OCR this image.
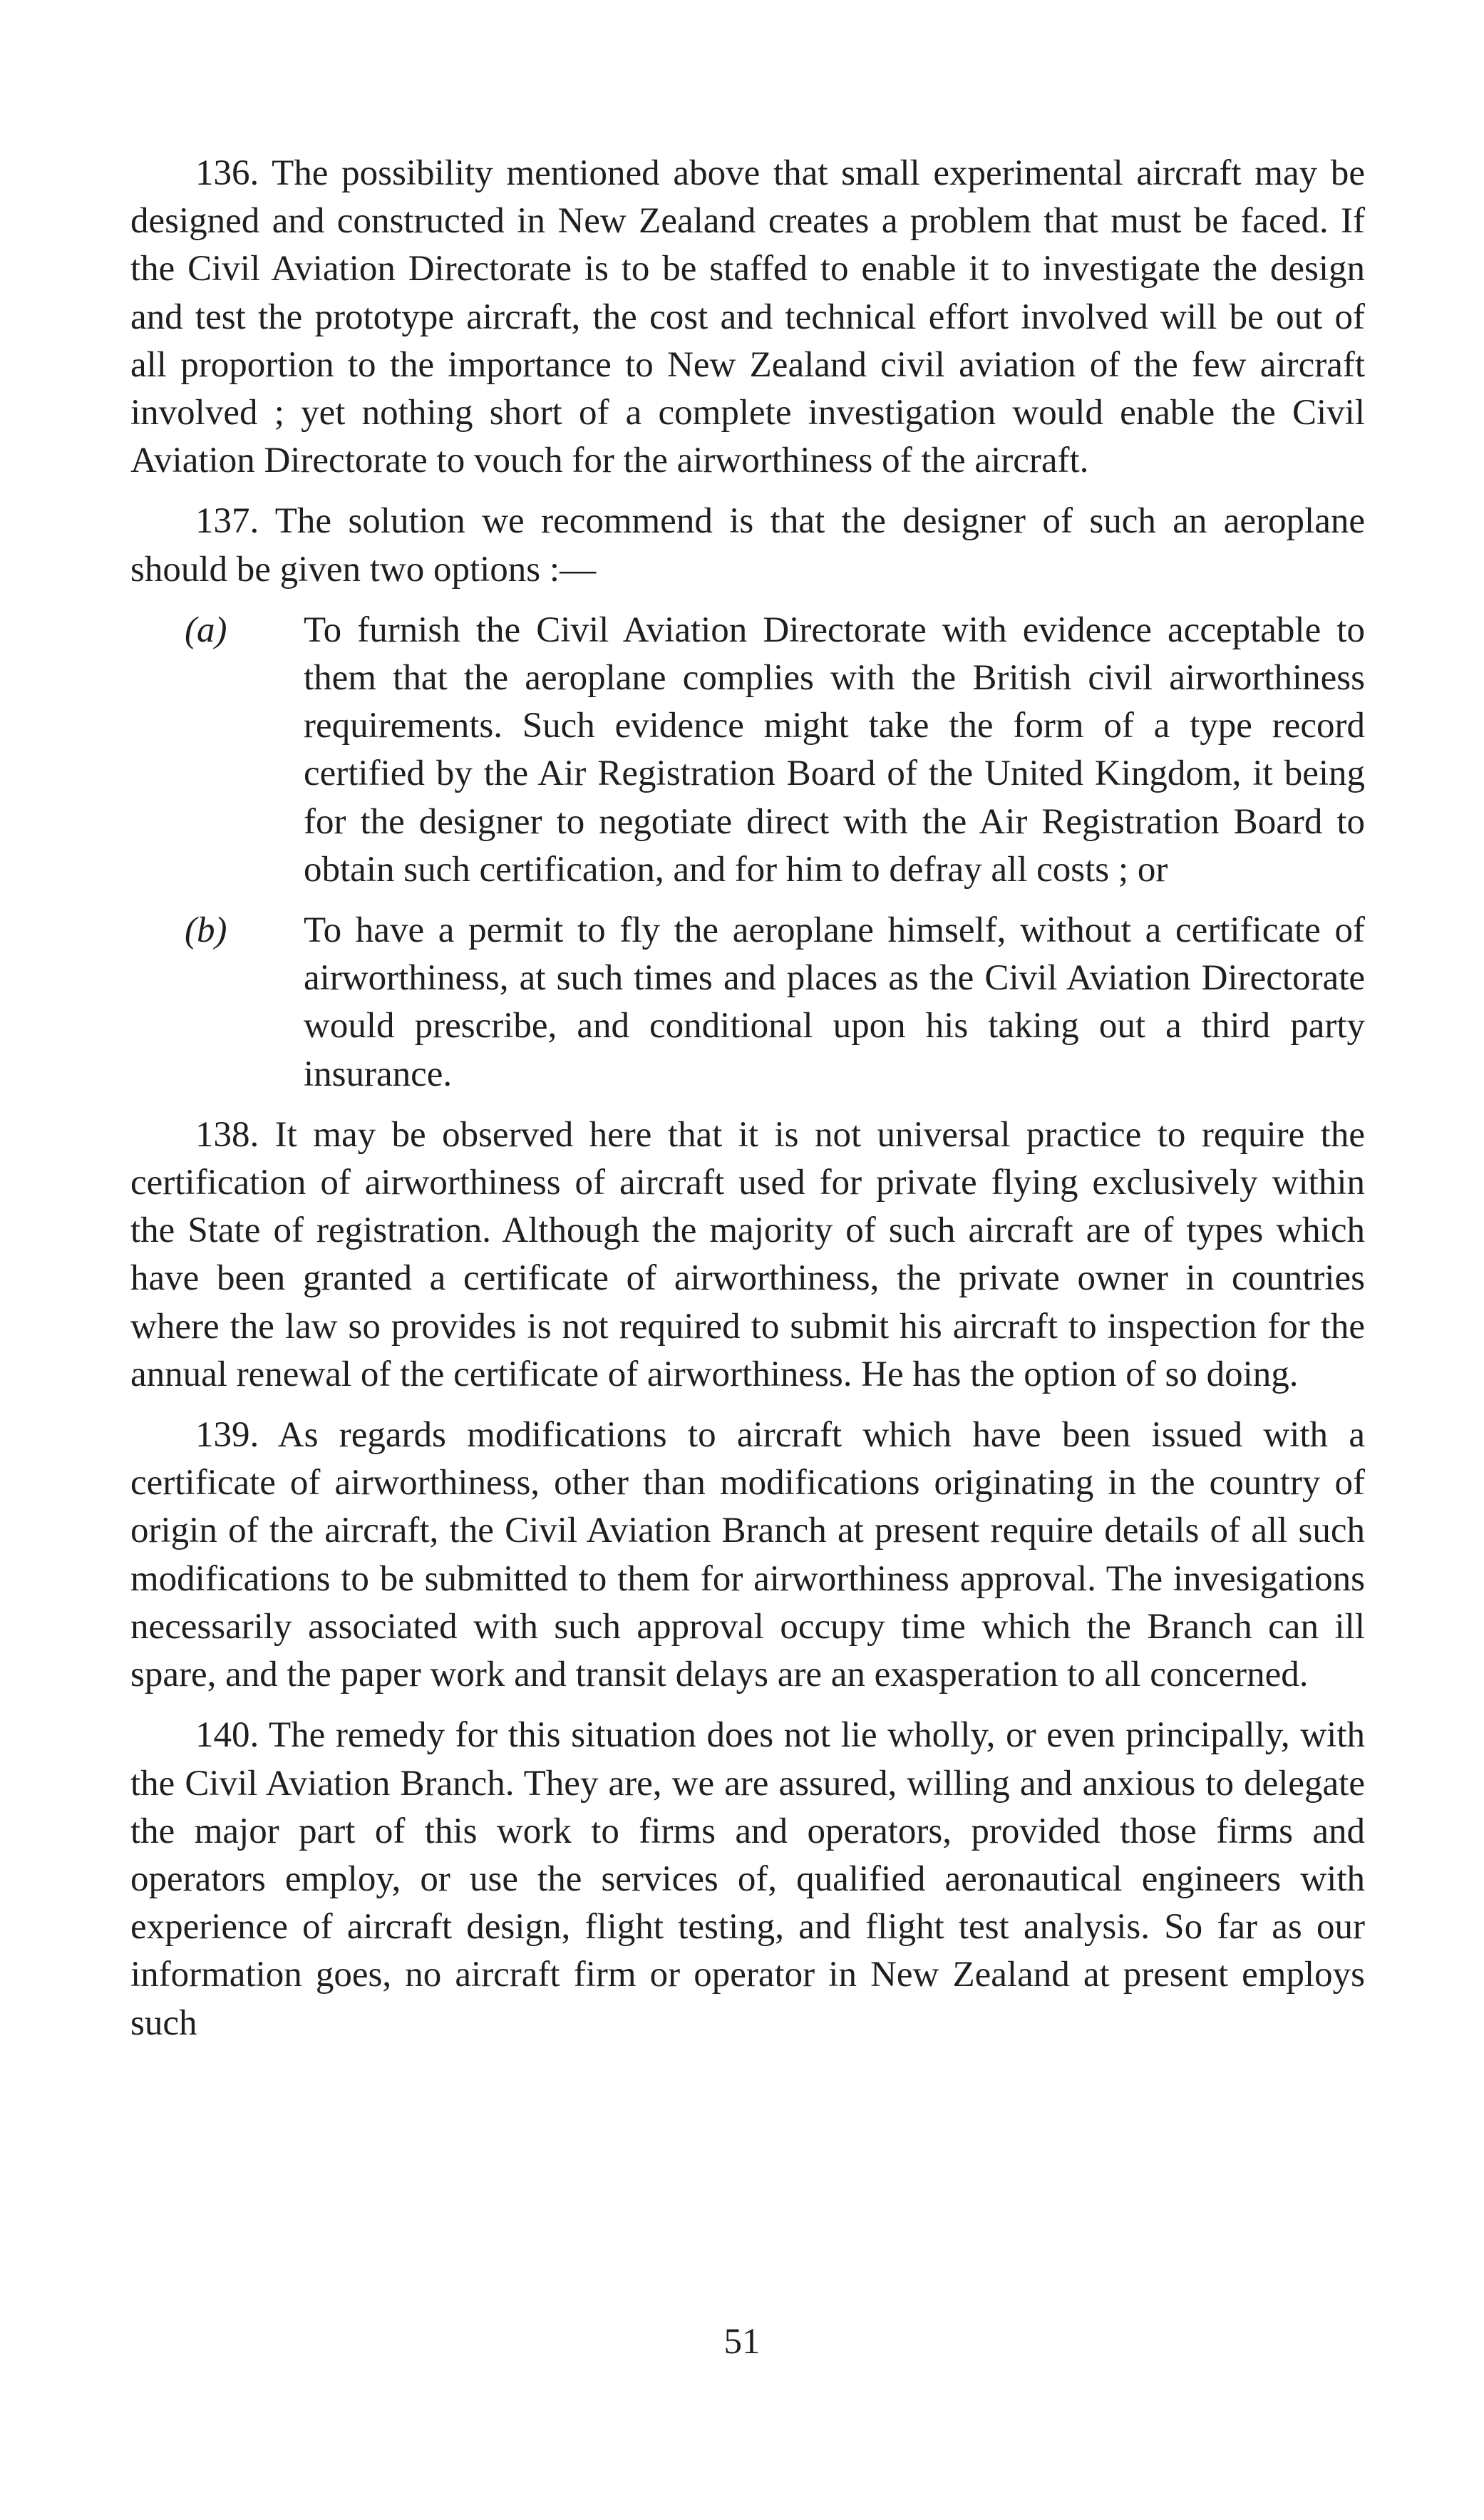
136. The possibility mentioned above that small experimental aircraft may be designed and constructed in New Zealand creates a problem that must be faced. If the Civil Aviation Directorate is to be staffed to enable it to investigate the design and test the prototype aircraft, the cost and technical effort involved will be out of all proportion to the importance to New Zealand civil aviation of the few aircraft involved ; yet nothing short of a complete investigation would enable the Civil Aviation Directorate to vouch for the airworthiness of the aircraft.

137. The solution we recommend is that the designer of such an aeroplane should be given two options :—

(a) To furnish the Civil Aviation Directorate with evidence acceptable to them that the aeroplane complies with the British civil airworthiness requirements. Such evidence might take the form of a type record certified by the Air Registration Board of the United Kingdom, it being for the designer to negotiate direct with the Air Registration Board to obtain such certification, and for him to defray all costs ; or
(b) To have a permit to fly the aeroplane himself, without a certificate of airworthiness, at such times and places as the Civil Aviation Directorate would prescribe, and conditional upon his taking out a third party insurance.

138. It may be observed here that it is not universal practice to require the certification of airworthiness of aircraft used for private flying exclusively within the State of registration. Although the majority of such aircraft are of types which have been granted a certificate of airworthiness, the private owner in countries where the law so provides is not required to submit his aircraft to inspection for the annual renewal of the certificate of airworthiness. He has the option of so doing.

139. As regards modifications to aircraft which have been issued with a certificate of airworthiness, other than modifications originating in the country of origin of the aircraft, the Civil Aviation Branch at present require details of all such modifications to be submitted to them for airworthiness approval. The invesigations necessarily associated with such approval occupy time which the Branch can ill spare, and the paper work and transit delays are an exasperation to all concerned.

140. The remedy for this situation does not lie wholly, or even principally, with the Civil Aviation Branch. They are, we are assured, willing and anxious to delegate the major part of this work to firms and operators, provided those firms and operators employ, or use the services of, qualified aeronautical engineers with experience of aircraft design, flight testing, and flight test analysis. So far as our information goes, no aircraft firm or operator in New Zealand at present employs such

51
